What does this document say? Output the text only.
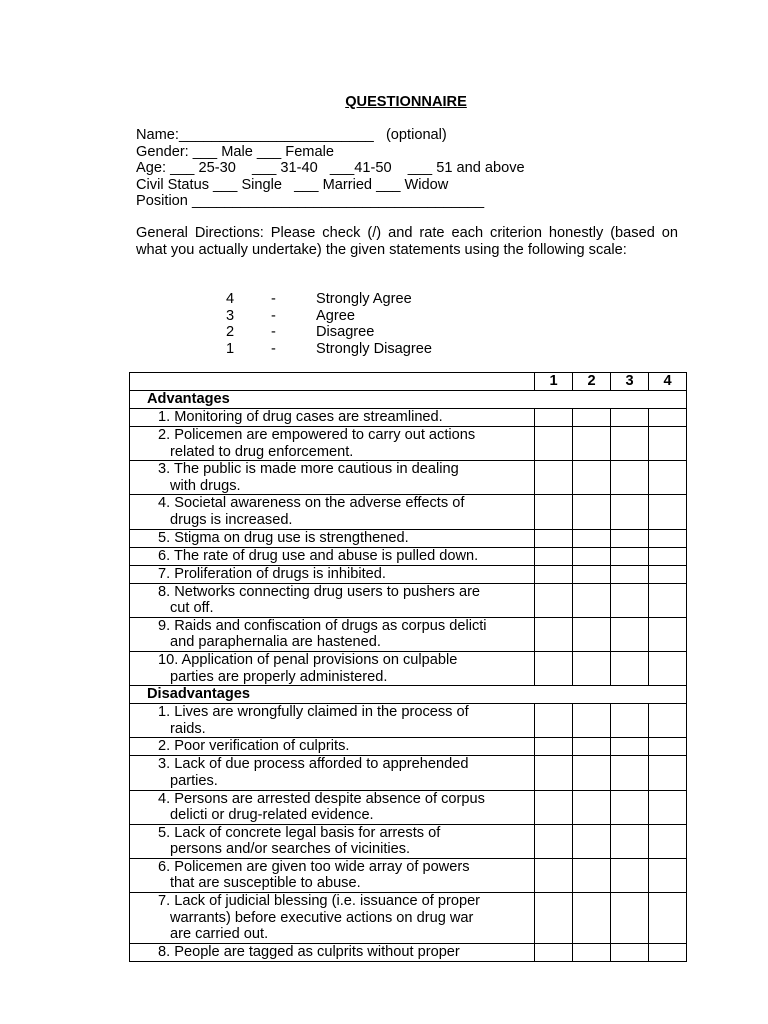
QUESTIONNAIRE
Name:________________________   (optional)
Gender: ___ Male ___ Female
Age: ___ 25-30    ___ 31-40   ___41-50    ___ 51 and above
Civil Status ___ Single   ___ Married ___ Widow
Position ____________________________________
General Directions: Please check (/) and rate each criterion honestly (based on what you actually undertake) the given statements using the following scale:
4	-	Strongly Agree
3	-	Agree
2	-	Disagree
1	-	Strongly Disagree
	1	2	3	4
Advantages				

1. Monitoring of drug cases are streamlined.				

2. Policemen are empowered to carry out actions
related to drug enforcement.				

3. The public is made more cautious in dealing
with drugs.				

4. Societal awareness on the adverse effects of
drugs is increased.				

5. Stigma on drug use is strengthened.				

6. The rate of drug use and abuse is pulled down.				

7. Proliferation of drugs is inhibited.				

8. Networks connecting drug users to pushers are
cut off.				

9. Raids and confiscation of drugs as corpus delicti
and paraphernalia are hastened.				

10. Application of penal provisions on culpable
parties are properly administered.				

Disadvantages				

1. Lives are wrongfully claimed in the process of
raids.				

2. Poor verification of culprits.				

3. Lack of due process afforded to apprehended
parties.				

4. Persons are arrested despite absence of corpus
delicti or drug-related evidence.				

5. Lack of concrete legal basis for arrests of
persons and/or searches of vicinities.				

6. Policemen are given too wide array of powers
that are susceptible to abuse.				

7. Lack of judicial blessing (i.e. issuance of proper
warrants) before executive actions on drug war
are carried out.				

8. People are tagged as culprits without proper				
